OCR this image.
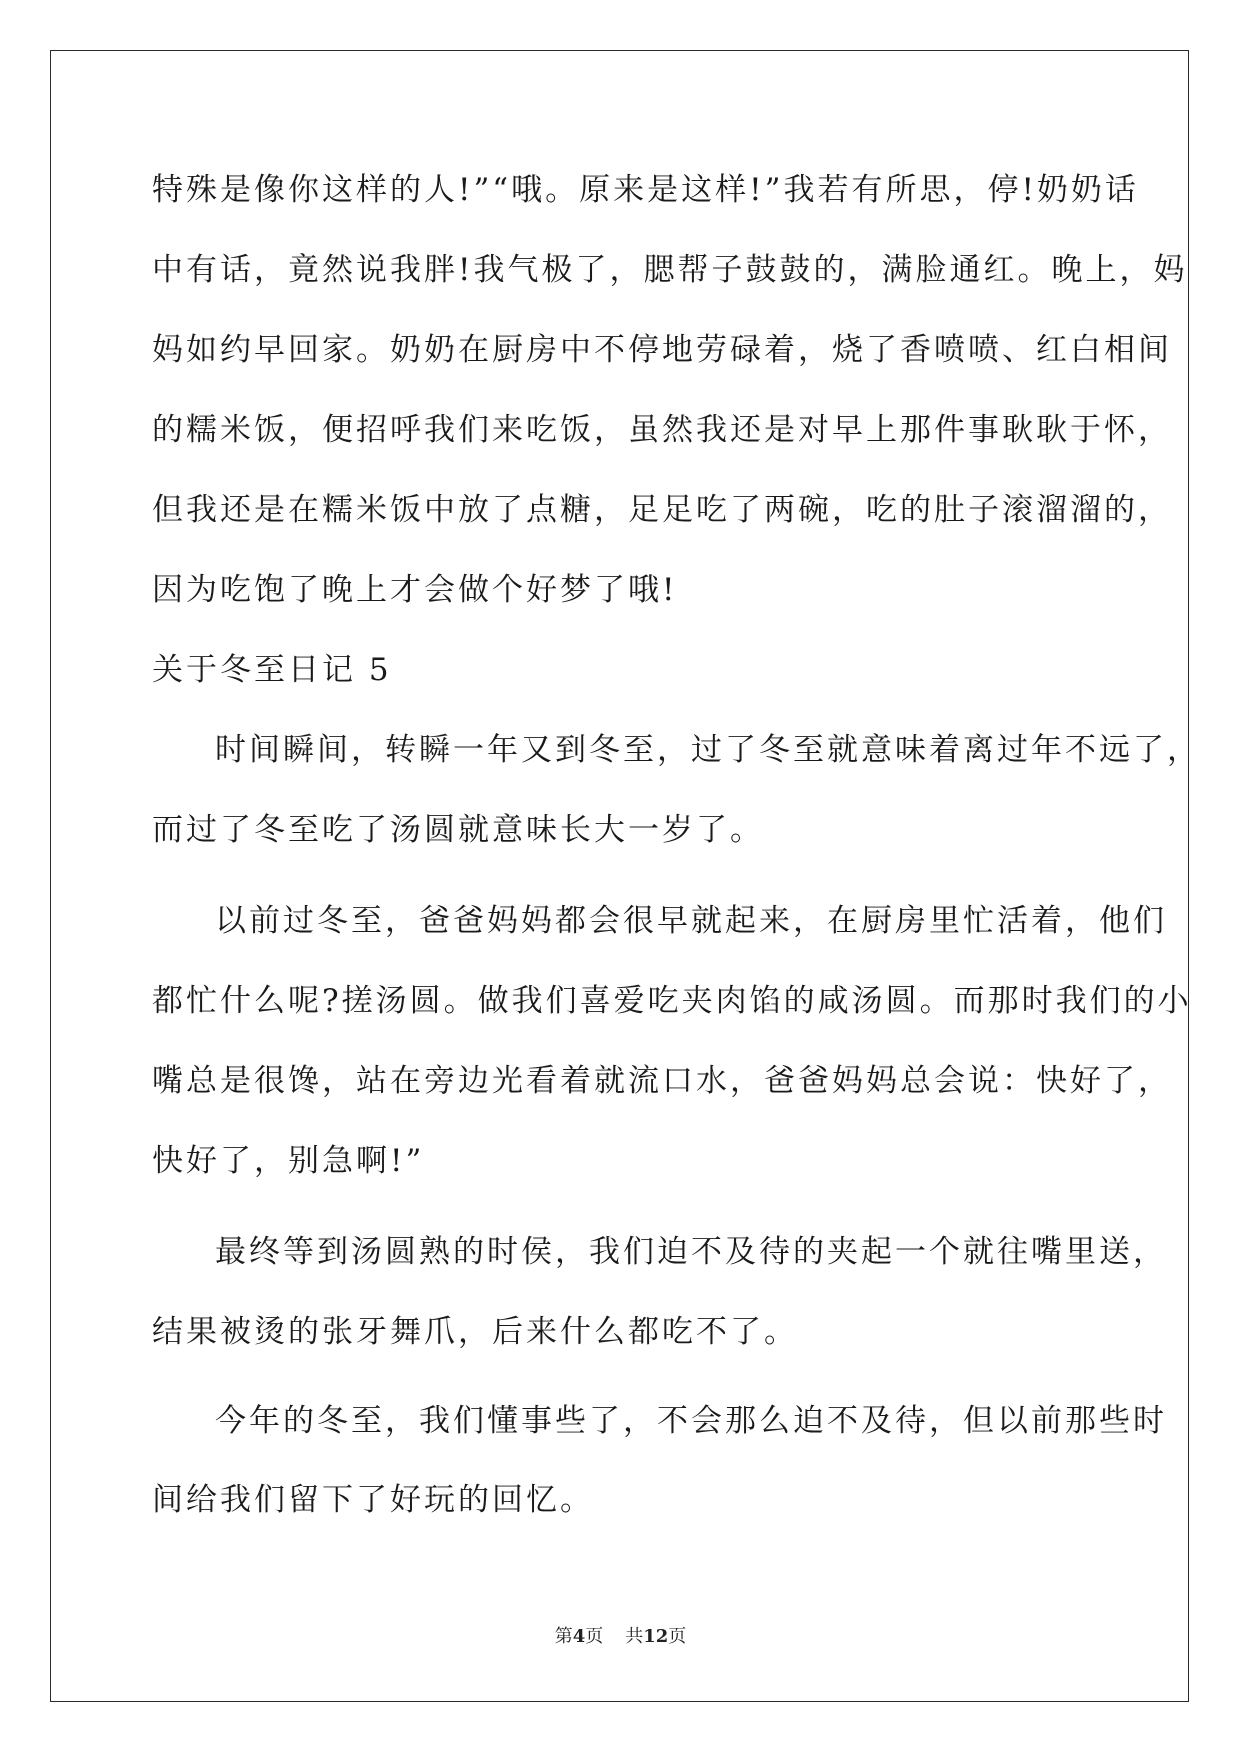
特殊是像你这样的人!”“哦。原来是这样!”我若有所思，停!奶奶话
中有话，竟然说我胖!我气极了，腮帮子鼓鼓的，满脸通红。晚上，妈
妈如约早回家。奶奶在厨房中不停地劳碌着，烧了香喷喷、红白相间
的糯米饭，便招呼我们来吃饭，虽然我还是对早上那件事耿耿于怀，
但我还是在糯米饭中放了点糖，足足吃了两碗，吃的肚子滚溜溜的，
因为吃饱了晚上才会做个好梦了哦!
关于冬至日记 5
时间瞬间，转瞬一年又到冬至，过了冬至就意味着离过年不远了，
而过了冬至吃了汤圆就意味长大一岁了。
以前过冬至，爸爸妈妈都会很早就起来，在厨房里忙活着，他们
都忙什么呢?搓汤圆。做我们喜爱吃夹肉馅的咸汤圆。而那时我们的小
嘴总是很馋，站在旁边光看着就流口水，爸爸妈妈总会说：快好了，
快好了，别急啊!”
最终等到汤圆熟的时侯，我们迫不及待的夹起一个就往嘴里送，
结果被烫的张牙舞爪，后来什么都吃不了。
今年的冬至，我们懂事些了，不会那么迫不及待，但以前那些时
间给我们留下了好玩的回忆。
第4页 共12页
